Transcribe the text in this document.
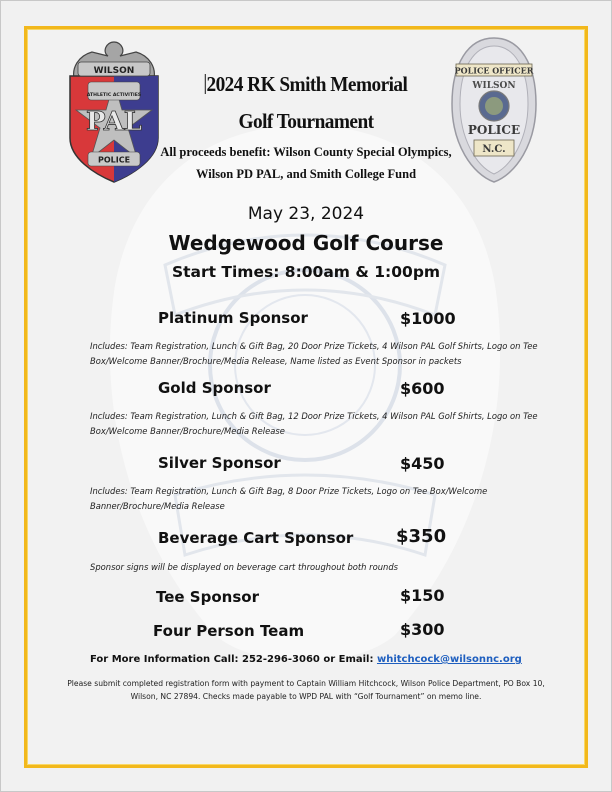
WILSON
ATHLETIC ACTIVITIES
PAL
POLICE
POLICE OFFICER
WILSON
POLICE
N.C.
2024 RK Smith Memorial
Golf Tournament
All proceeds benefit: Wilson County Special Olympics,
Wilson PD PAL, and Smith College Fund
May 23, 2024
Wedgewood Golf Course
Start Times: 8:00am & 1:00pm
Platinum Sponsor	$1000
Includes: Team Registration, Lunch & Gift Bag, 20 Door Prize Tickets, 4 Wilson PAL Golf Shirts, Logo on Tee Box/Welcome Banner/Brochure/Media Release, Name listed as Event Sponsor in packets
Gold Sponsor	$600
Includes: Team Registration, Lunch & Gift Bag, 12 Door Prize Tickets, 4 Wilson PAL Golf Shirts, Logo on Tee Box/Welcome Banner/Brochure/Media Release
Silver Sponsor	$450
Includes: Team Registration, Lunch & Gift Bag, 8 Door Prize Tickets, Logo on Tee Box/Welcome Banner/Brochure/Media Release
Beverage Cart Sponsor $350
Sponsor signs will be displayed on beverage cart throughout both rounds
Tee Sponsor	$150
Four Person Team	$300
For More Information Call: 252-296-3060 or Email: whitchcock@wilsonnc.org
Please submit completed registration form with payment to Captain William Hitchcock, Wilson Police Department, PO Box 10, Wilson, NC 27894. Checks made payable to WPD PAL with “Golf Tournament” on memo line.
